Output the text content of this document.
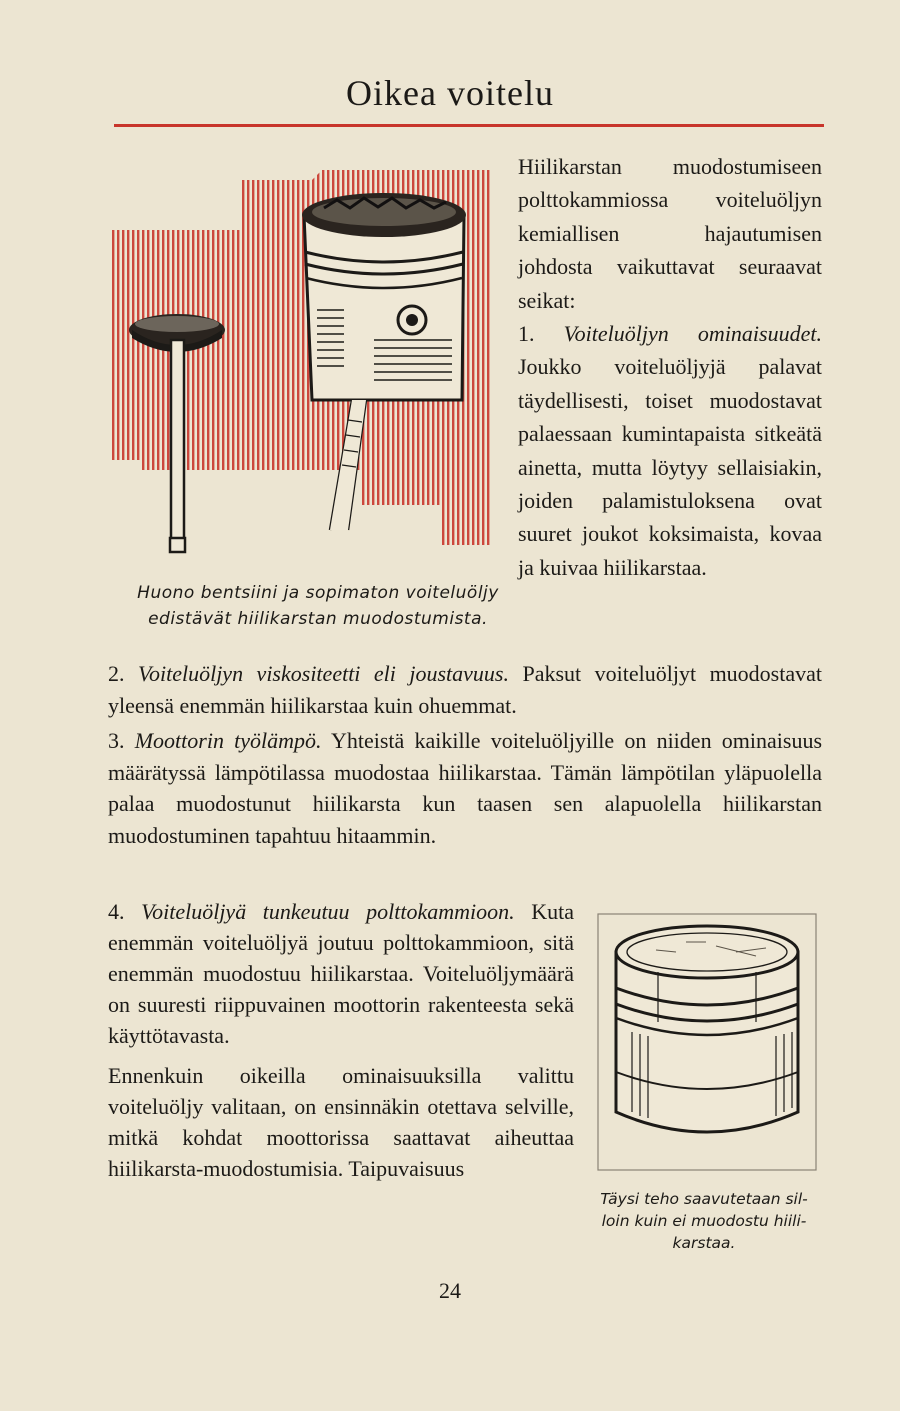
Oikea voitelu
Huono bentsiini ja sopimaton voiteluöljy
edistävät hiilikarstan muodostumista.

Hiilikarstan muodostumiseen polttokammiossa voiteluöljyn kemiallisen hajautumisen johdosta vaikuttavat seuraavat seikat:

1. Voiteluöljyn ominaisuudet. Joukko voiteluöljyjä palavat täydellisesti, toiset muodostavat palaessaan kumintapaista sitkeätä ainetta, mutta löytyy sellaisiakin, joiden palamistuloksena ovat suuret joukot koksimaista, kovaa ja kuivaa hiilikarstaa.

2. Voiteluöljyn viskositeetti eli joustavuus. Paksut voiteluöljyt muodostavat yleensä enemmän hiilikarstaa kuin ohuemmat.

3. Moottorin työlämpö. Yhteistä kaikille voiteluöljyille on niiden ominaisuus määrätyssä lämpötilassa muodostaa hiilikarstaa. Tämän lämpötilan yläpuolella palaa muodostunut hiilikarsta kun taasen sen alapuolella hiilikarstan muodostuminen tapahtuu hitaammin.

4. Voiteluöljyä tunkeutuu polttokammioon. Kuta enemmän voiteluöljyä joutuu polttokammioon, sitä enemmän muodostuu hiilikarstaa. Voiteluöljymäärä on suuresti riippuvainen moottorin rakenteesta sekä käyttötavasta.

Ennenkuin oikeilla ominaisuuksilla valittu voiteluöljy valitaan, on ensinnäkin otettava selville, mitkä kohdat moottorissa saattavat aiheuttaa hiilikarsta-muodostumisia. Taipuvaisuus

Täysi teho saavutetaan sil-
loin kuin ei muodostu hiili-
karstaa.
24
